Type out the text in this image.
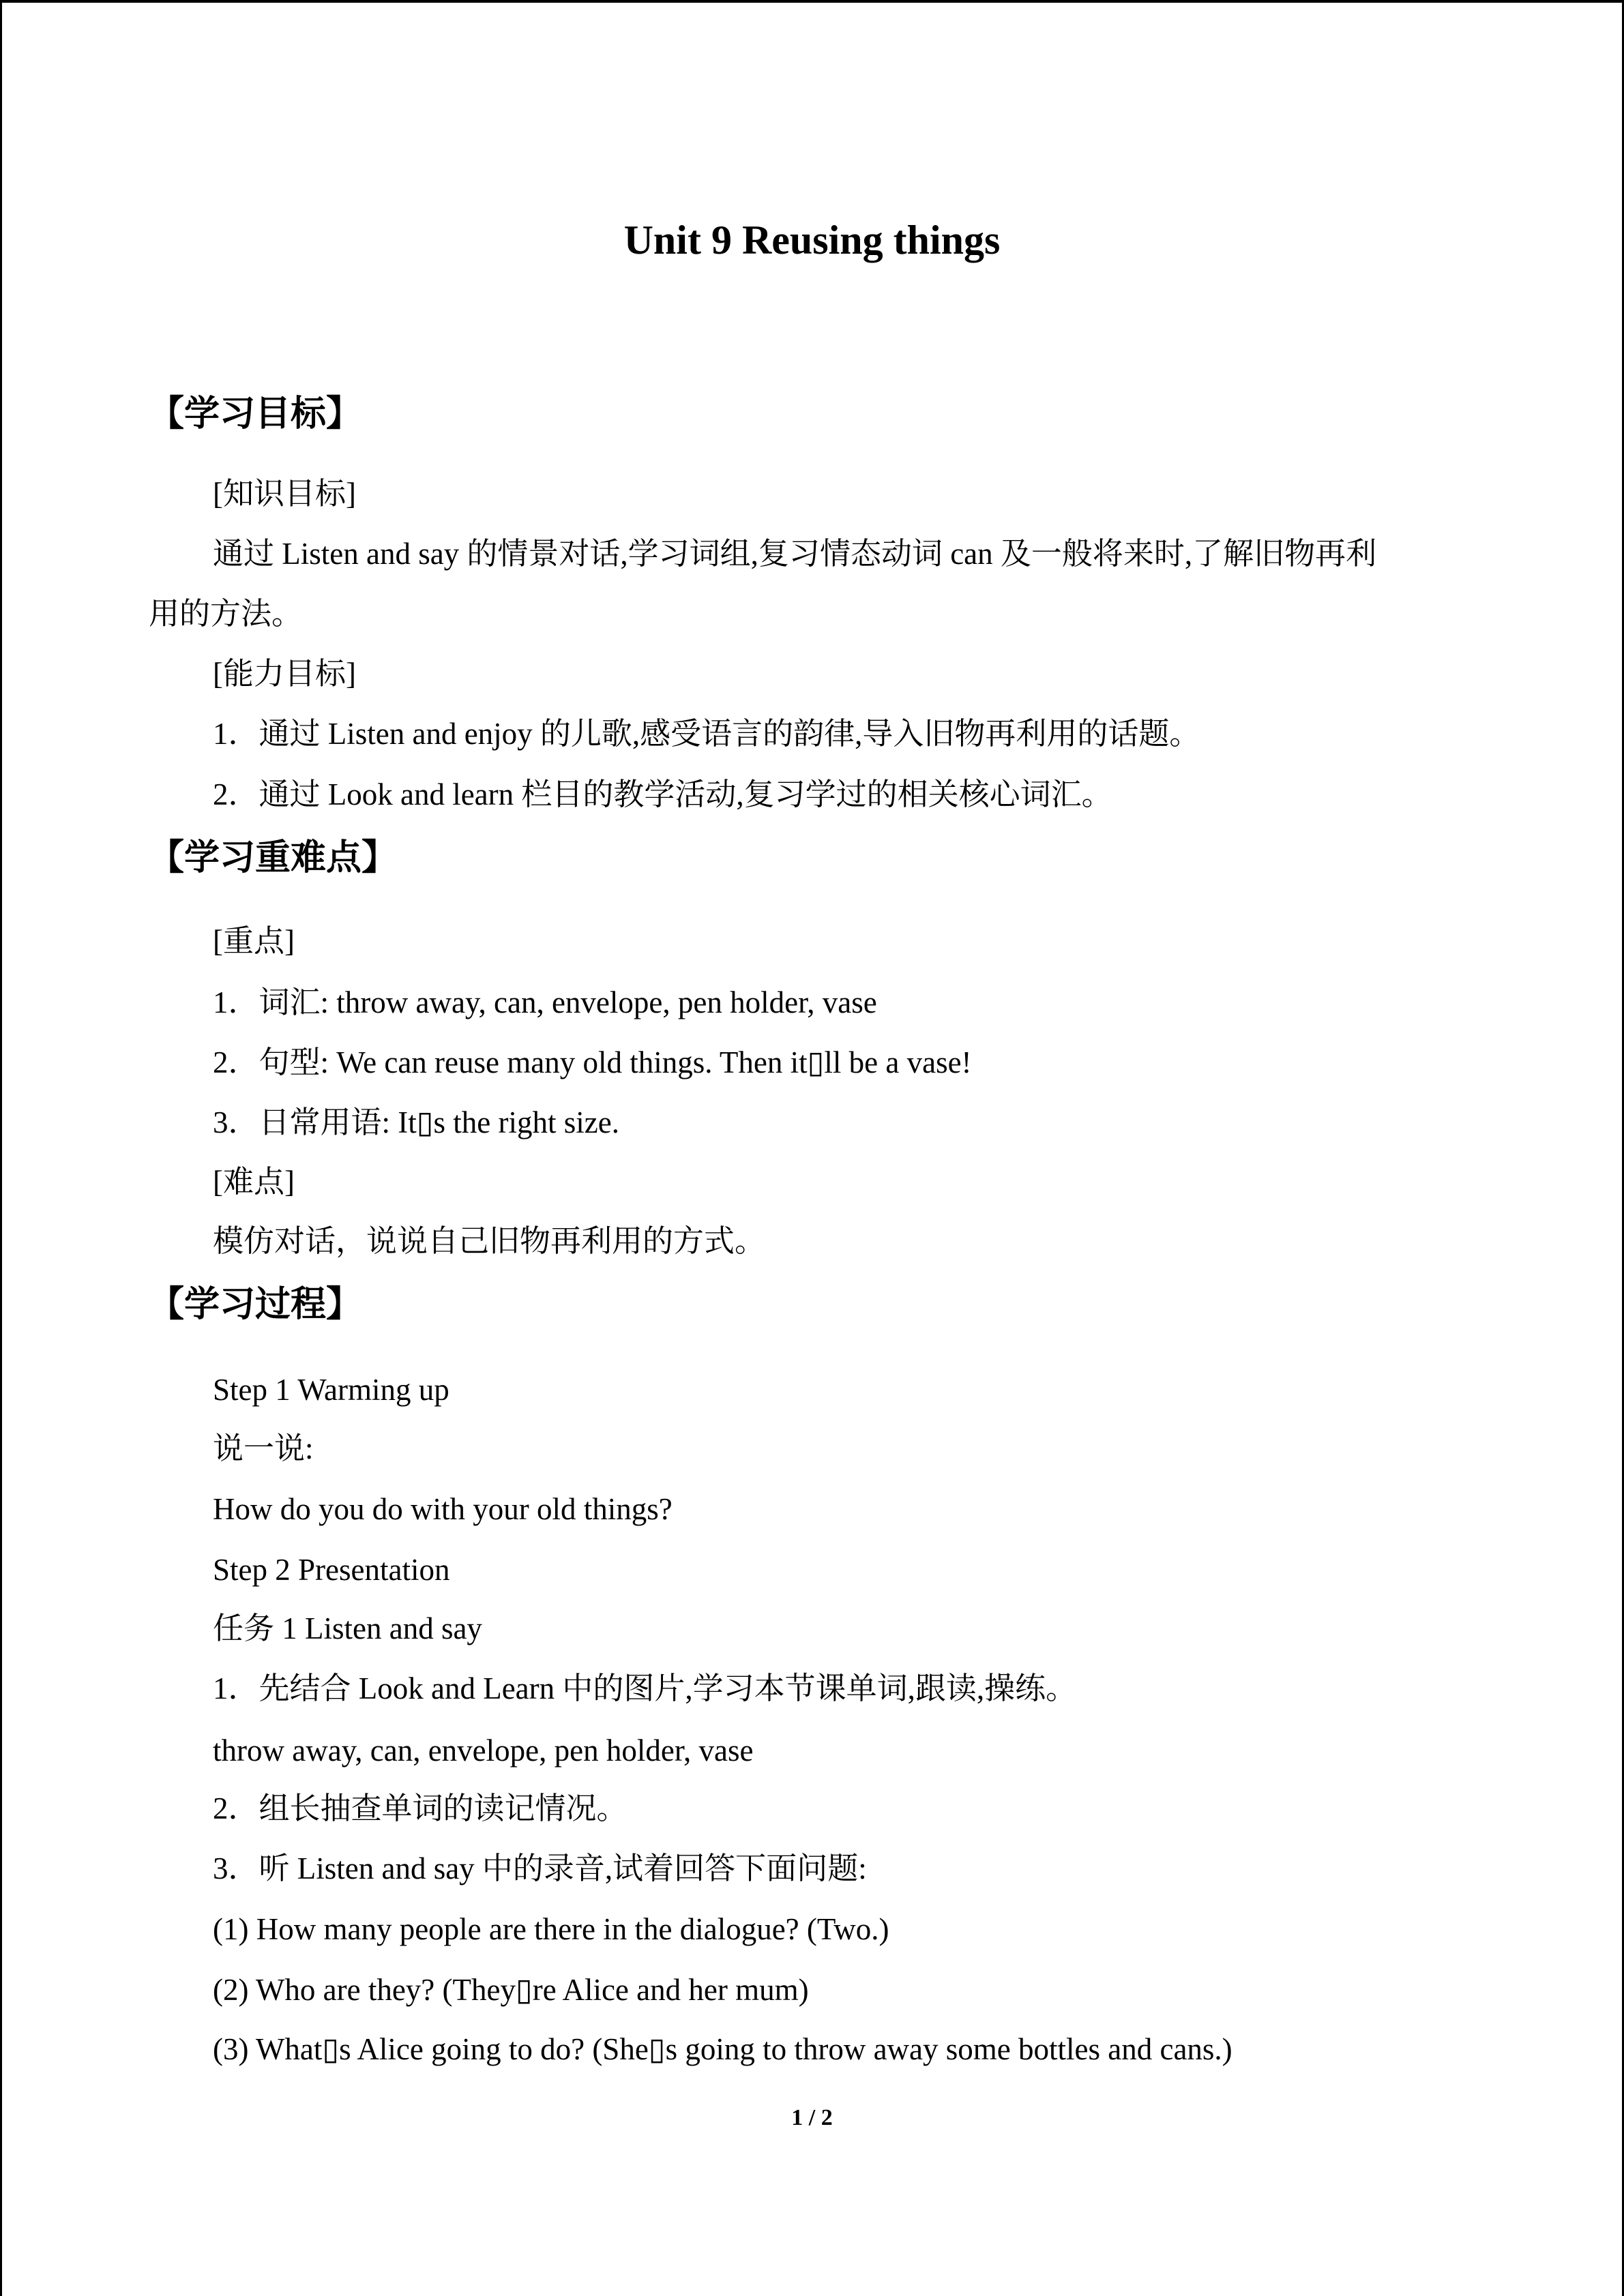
Unit 9 Reusing things
【学习目标】
[知识目标]
通过 Listen and say 的情景对话,学习词组,复习情态动词 can 及一般将来时,了解旧物再利
用的方法。
[能力目标]
1．通过 Listen and enjoy 的儿歌,感受语言的韵律,导入旧物再利用的话题。
2．通过 Look and learn 栏目的教学活动,复习学过的相关核心词汇。
【学习重难点】
[重点]
1．词汇: throw away, can, envelope, pen holder, vase
2．句型: We can reuse many old things. Then it▯ll be a vase!
3．日常用语: It▯s the right size.
[难点]
模仿对话，说说自己旧物再利用的方式。
【学习过程】
Step 1 Warming up
说一说:
How do you do with your old things?
Step 2 Presentation
任务 1 Listen and say
1．先结合 Look and Learn 中的图片,学习本节课单词,跟读,操练。
throw away, can, envelope, pen holder, vase
2．组长抽查单词的读记情况。
3．听 Listen and say 中的录音,试着回答下面问题:
(1) How many people are there in the dialogue? (Two.)
(2) Who are they? (They▯re Alice and her mum)
(3) What▯s Alice going to do? (She▯s going to throw away some bottles and cans.)
1 / 2
